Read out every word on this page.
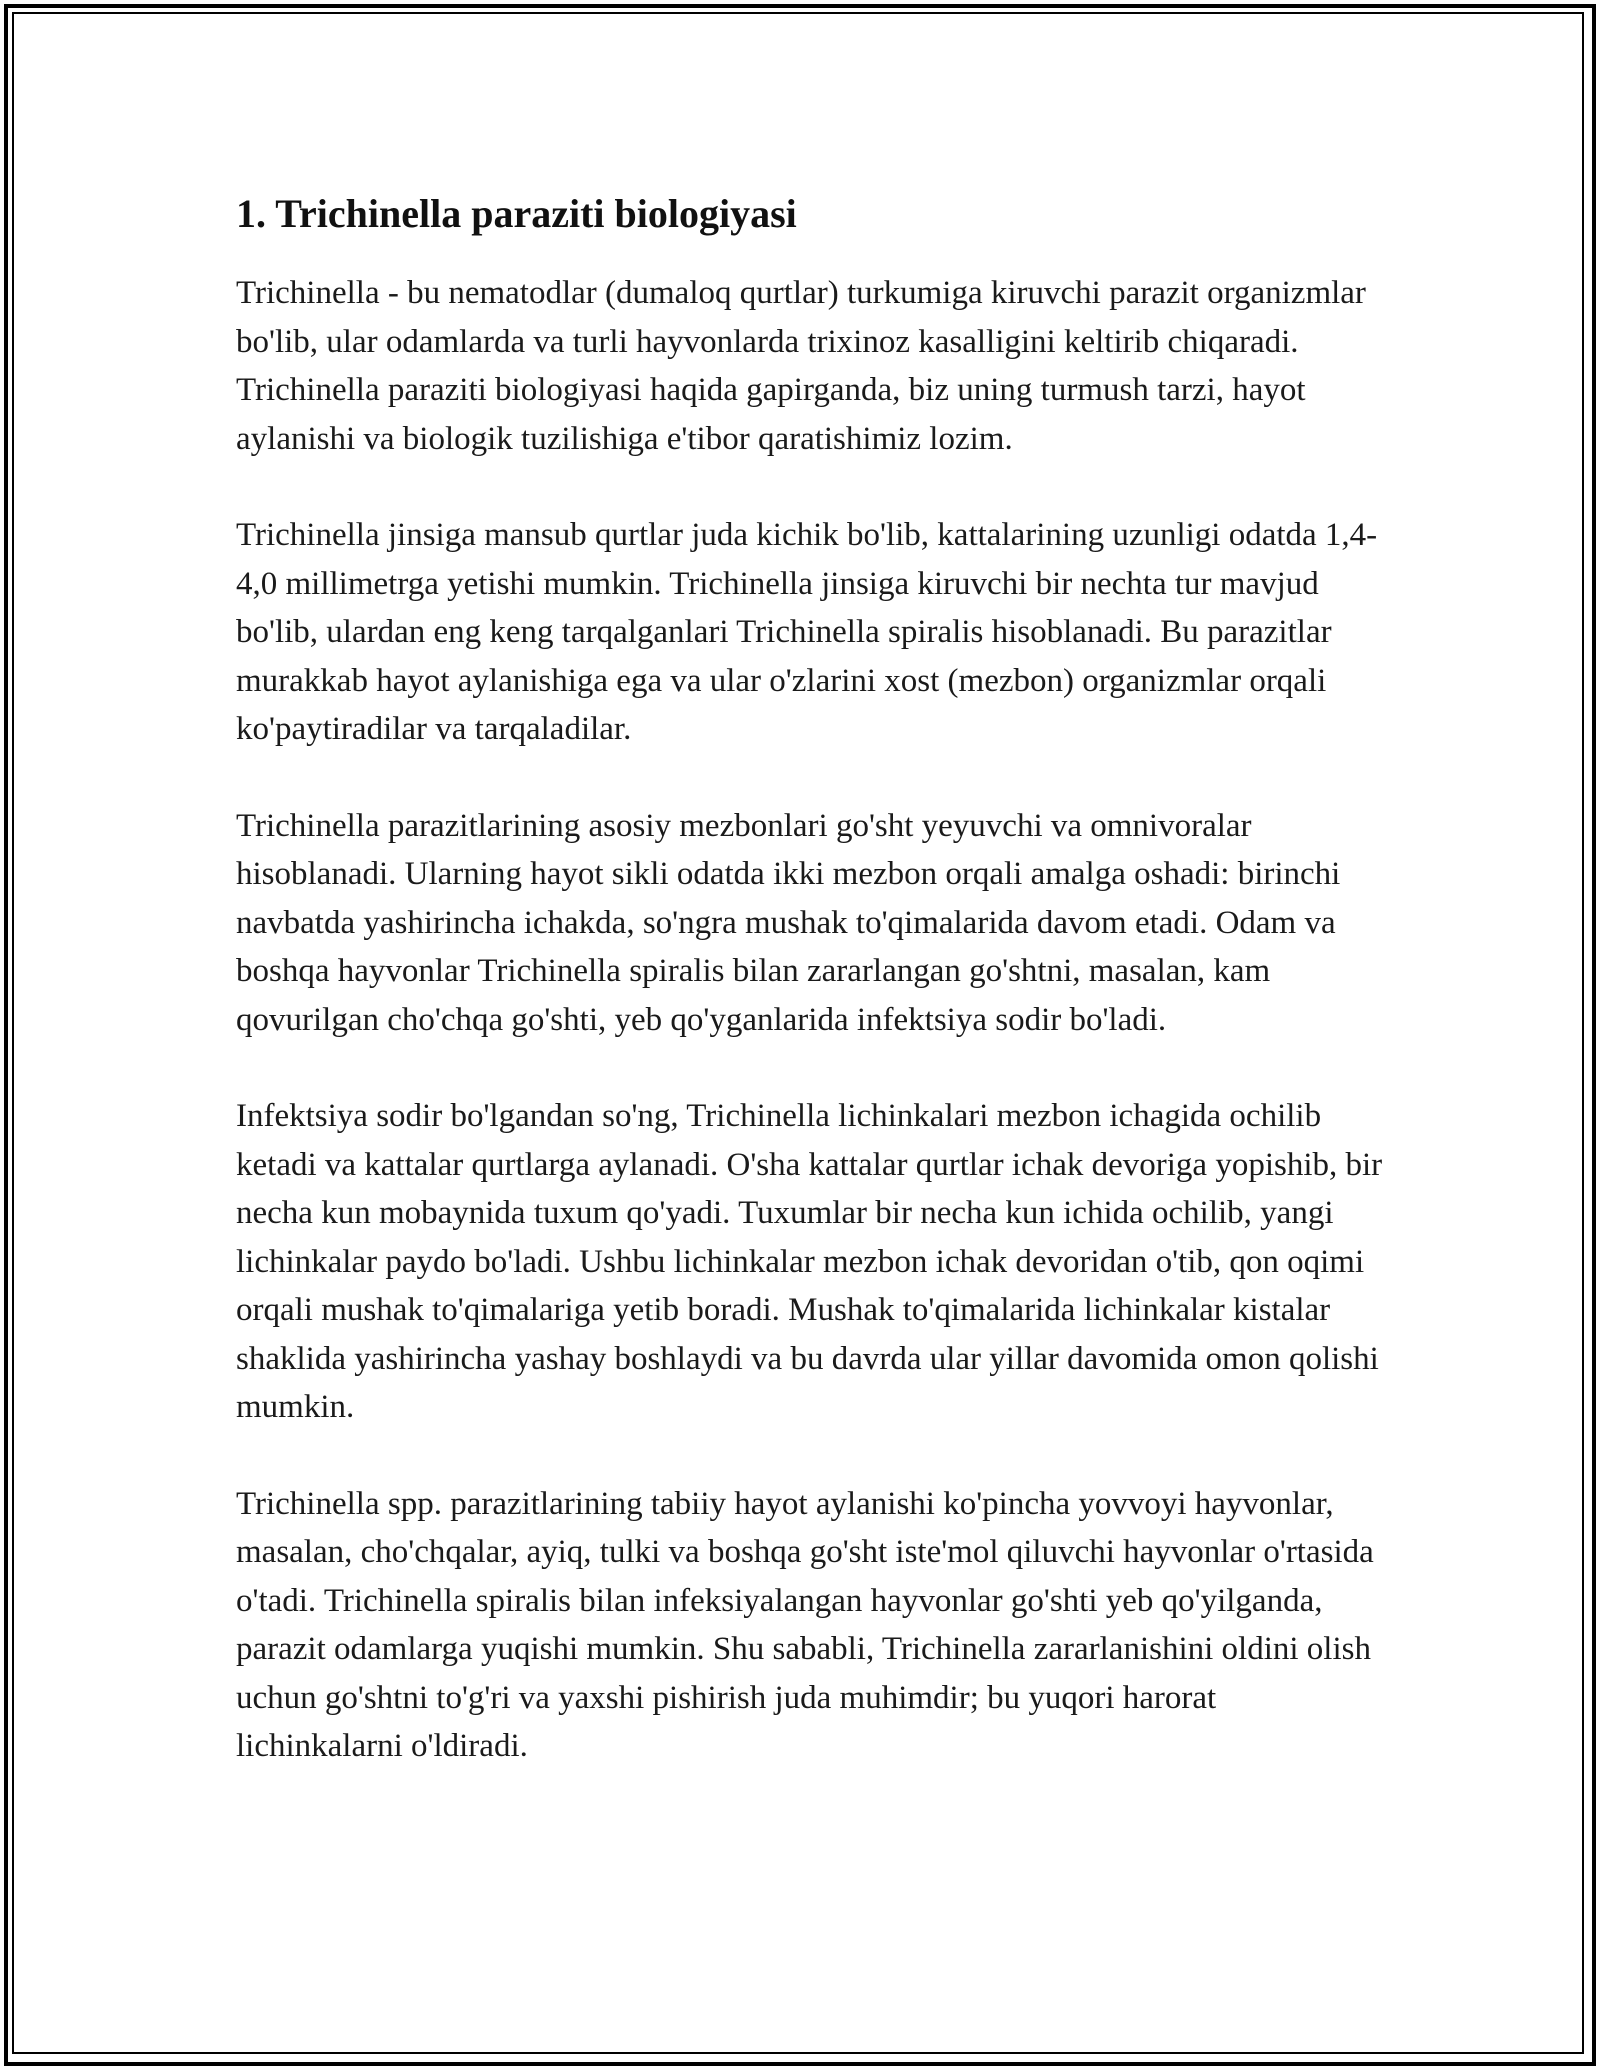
1. Trichinella paraziti biologiyasi

Trichinella - bu nematodlar (dumaloq qurtlar) turkumiga kiruvchi parazit organizmlar bo'lib, ular odamlarda va turli hayvonlarda trixinoz kasalligini keltirib chiqaradi. Trichinella paraziti biologiyasi haqida gapirganda, biz uning turmush tarzi, hayot aylanishi va biologik tuzilishiga e'tibor qaratishimiz lozim.

Trichinella jinsiga mansub qurtlar juda kichik bo'lib, kattalarining uzunligi odatda 1,4-4,0 millimetrga yetishi mumkin. Trichinella jinsiga kiruvchi bir nechta tur mavjud bo'lib, ulardan eng keng tarqalganlari Trichinella spiralis hisoblanadi. Bu parazitlar murakkab hayot aylanishiga ega va ular o'zlarini xost (mezbon) organizmlar orqali ko'paytiradilar va tarqaladilar.

Trichinella parazitlarining asosiy mezbonlari go'sht yeyuvchi va omnivoralar hisoblanadi. Ularning hayot sikli odatda ikki mezbon orqali amalga oshadi: birinchi navbatda yashirincha ichakda, so'ngra mushak to'qimalarida davom etadi. Odam va boshqa hayvonlar Trichinella spiralis bilan zararlangan go'shtni, masalan, kam qovurilgan cho'chqa go'shti, yeb qo'yganlarida infektsiya sodir bo'ladi.

Infektsiya sodir bo'lgandan so'ng, Trichinella lichinkalari mezbon ichagida ochilib ketadi va kattalar qurtlarga aylanadi. O'sha kattalar qurtlar ichak devoriga yopishib, bir necha kun mobaynida tuxum qo'yadi. Tuxumlar bir necha kun ichida ochilib, yangi lichinkalar paydo bo'ladi. Ushbu lichinkalar mezbon ichak devoridan o'tib, qon oqimi orqali mushak to'qimalariga yetib boradi. Mushak to'qimalarida lichinkalar kistalar shaklida yashirincha yashay boshlaydi va bu davrda ular yillar davomida omon qolishi mumkin.

Trichinella spp. parazitlarining tabiiy hayot aylanishi ko'pincha yovvoyi hayvonlar, masalan, cho'chqalar, ayiq, tulki va boshqa go'sht iste'mol qiluvchi hayvonlar o'rtasida o'tadi. Trichinella spiralis bilan infeksiyalangan hayvonlar go'shti yeb qo'yilganda, parazit odamlarga yuqishi mumkin. Shu sababli, Trichinella zararlanishini oldini olish uchun go'shtni to'g'ri va yaxshi pishirish juda muhimdir; bu yuqori harorat lichinkalarni o'ldiradi.
